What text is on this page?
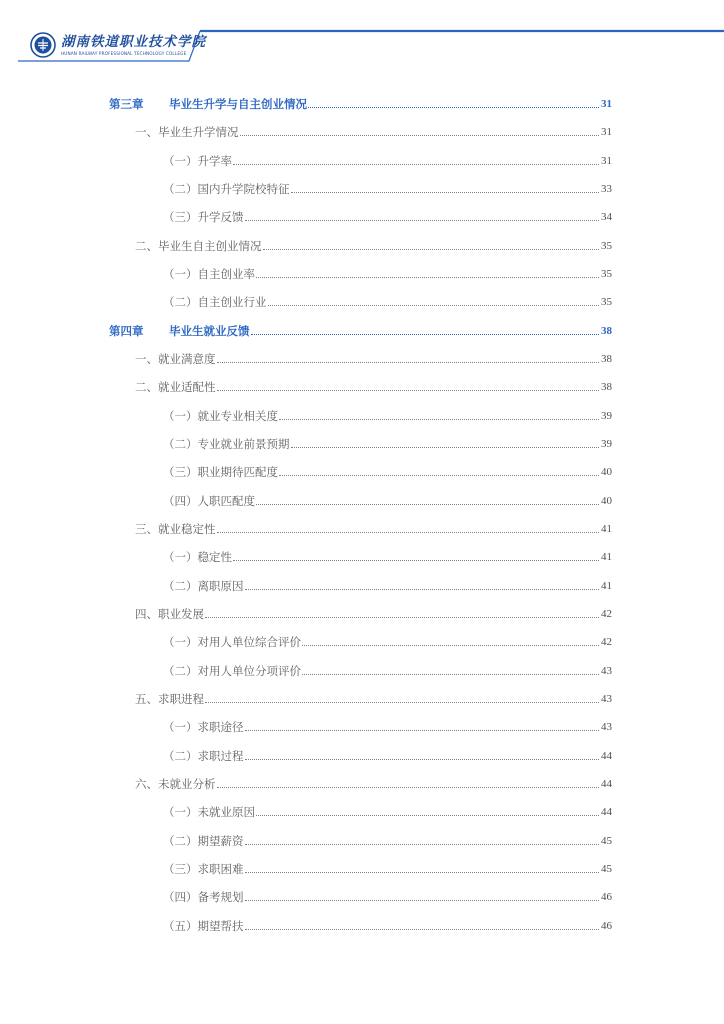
湖南铁道职业技术学院
HUNAN RAILWAY PROFESSIONAL TECHNOLOGY COLLEGE
第三章 毕业生升学与自主创业情况	31
一、毕业生升学情况	31
（一）升学率	31
（二）国内升学院校特征	33
（三）升学反馈	34
二、毕业生自主创业情况	35
（一）自主创业率	35
（二）自主创业行业	35
第四章 毕业生就业反馈	38
一、就业满意度	38
二、就业适配性	38
（一）就业专业相关度	39
（二）专业就业前景预期	39
（三）职业期待匹配度	40
（四）人职匹配度	40
三、就业稳定性	41
（一）稳定性	41
（二）离职原因	41
四、职业发展	42
（一）对用人单位综合评价	42
（二）对用人单位分项评价	43
五、求职进程	43
（一）求职途径	43
（二）求职过程	44
六、未就业分析	44
（一）未就业原因	44
（二）期望薪资	45
（三）求职困难	45
（四）备考规划	46
（五）期望帮扶	46
